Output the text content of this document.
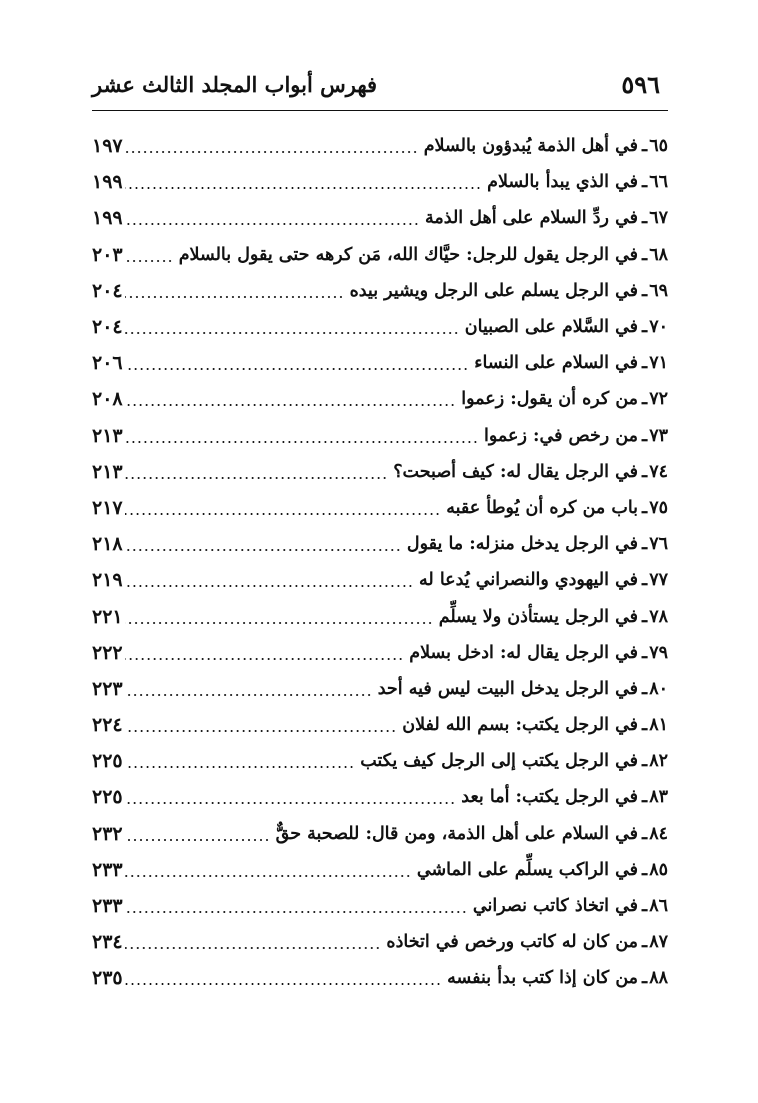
٥٩٦
فهرس أبواب المجلد الثالث عشر
٦٥
ـ
في أهل الذمة يُبدؤون بالسلام
١٩٧
٦٦
ـ
في الذي يبدأ بالسلام
١٩٩
٦٧
ـ
في ردِّ السلام على أهل الذمة
١٩٩
٦٨
ـ
في الرجل يقول للرجل: حيَّاك الله، مَن كرهه حتى يقول بالسلام
٢٠٣
٦٩
ـ
في الرجل يسلم على الرجل ويشير بيده
٢٠٤
٧٠
ـ
في السَّلام على الصبيان
٢٠٤
٧١
ـ
في السلام على النساء
٢٠٦
٧٢
ـ
من كره أن يقول: زعموا
٢٠٨
٧٣
ـ
من رخص في: زعموا
٢١٣
٧٤
ـ
في الرجل يقال له: كيف أصبحت؟
٢١٣
٧٥
ـ
باب من كره أن يُوطأ عقبه
٢١٧
٧٦
ـ
في الرجل يدخل منزله: ما يقول
٢١٨
٧٧
ـ
في اليهودي والنصراني يُدعا له
٢١٩
٧٨
ـ
في الرجل يستأذن ولا يسلِّم
٢٢١
٧٩
ـ
في الرجل يقال له: ادخل بسلام
٢٢٢
٨٠
ـ
في الرجل يدخل البيت ليس فيه أحد
٢٢٣
٨١
ـ
في الرجل يكتب: بسم الله لفلان
٢٢٤
٨٢
ـ
في الرجل يكتب إلى الرجل كيف يكتب
٢٢٥
٨٣
ـ
في الرجل يكتب: أما بعد
٢٢٥
٨٤
ـ
في السلام على أهل الذمة، ومن قال: للصحبة حقٌّ
٢٣٢
٨٥
ـ
في الراكب يسلِّم على الماشي
٢٣٣
٨٦
ـ
في اتخاذ كاتب نصراني
٢٣٣
٨٧
ـ
من كان له كاتب ورخص في اتخاذه
٢٣٤
٨٨
ـ
من كان إذا كتب بدأ بنفسه
٢٣٥
